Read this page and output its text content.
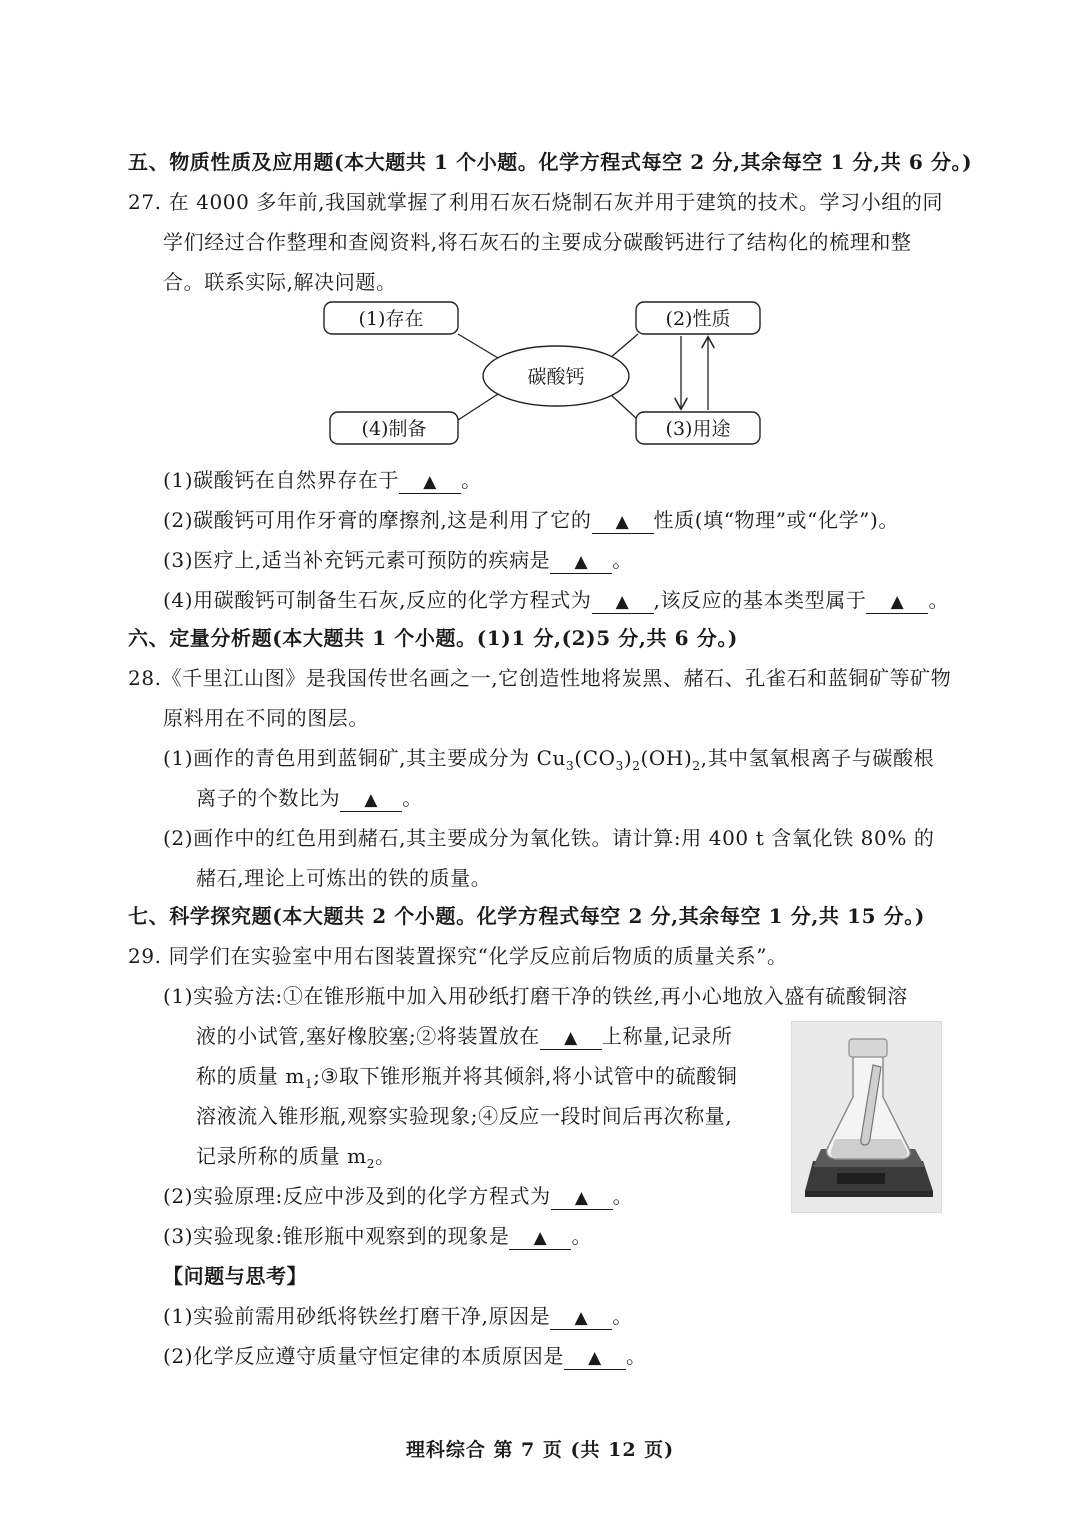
五、物质性质及应用题(本大题共 1 个小题。化学方程式每空 2 分,其余每空 1 分,共 6 分。)
27. 在 4000 多年前,我国就掌握了利用石灰石烧制石灰并用于建筑的技术。学习小组的同
学们经过合作整理和查阅资料,将石灰石的主要成分碳酸钙进行了结构化的梳理和整
合。联系实际,解决问题。
(1)存在	(2)性质
(3)用途
(4)制备
碳酸钙
(1)碳酸钙在自然界存在于 ▲ 。
(2)碳酸钙可用作牙膏的摩擦剂,这是利用了它的 ▲ 性质(填“物理”或“化学”)。
(3)医疗上,适当补充钙元素可预防的疾病是 ▲ 。
(4)用碳酸钙可制备生石灰,反应的化学方程式为 ▲ ,该反应的基本类型属于 ▲ 。
六、定量分析题(本大题共 1 个小题。(1)1 分,(2)5 分,共 6 分。)
28.《千里江山图》是我国传世名画之一,它创造性地将炭黑、赭石、孔雀石和蓝铜矿等矿物
原料用在不同的图层。
(1)画作的青色用到蓝铜矿,其主要成分为 $Cu_3(CO_3)_2(OH)_2$,其中氢氧根离子与碳酸根
离子的个数比为 ▲ 。
(2)画作中的红色用到赭石,其主要成分为氧化铁。请计算:用 400 t 含氧化铁 80% 的
赭石,理论上可炼出的铁的质量。
七、科学探究题(本大题共 2 个小题。化学方程式每空 2 分,其余每空 1 分,共 15 分。)
29. 同学们在实验室中用右图装置探究“化学反应前后物质的质量关系”。
(1)实验方法:①在锥形瓶中加入用砂纸打磨干净的铁丝,再小心地放入盛有硫酸铜溶
液的小试管,塞好橡胶塞;②将装置放在 ▲ 上称量,记录所
称的质量 $m_1;③$取下锥形瓶并将其倾斜,将小试管中的硫酸铜
溶液流入锥形瓶,观察实验现象;④反应一段时间后再次称量,
记录所称的质量 $m_2$。
(2)实验原理:反应中涉及到的化学方程式为 ▲ 。
(3)实验现象:锥形瓶中观察到的现象是 ▲ 。
【问题与思考】
(1)实验前需用砂纸将铁丝打磨干净,原因是 ▲ 。
(2)化学反应遵守质量守恒定律的本质原因是 ▲ 。
理科综合 第 7 页 (共 12 页)
